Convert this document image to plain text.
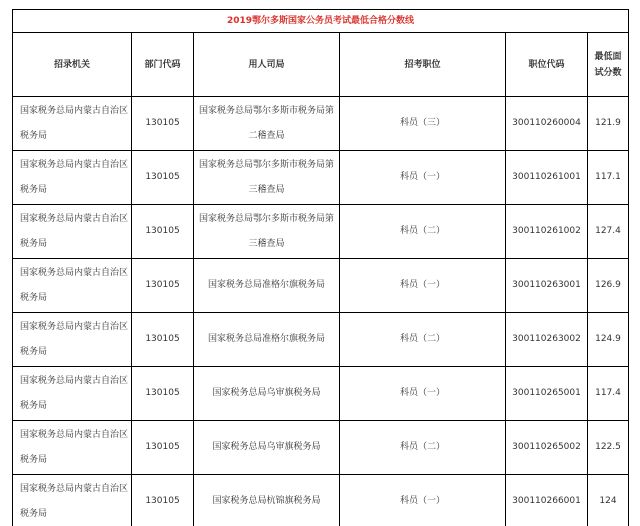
2019鄂尔多斯国家公务员考试最低合格分数线					
招录机关	部门代码	用人司局	招考职位	职位代码	最低面试分数

国家税务总局内蒙古自治区税务局	130105	国家税务总局鄂尔多斯市税务局第二稽查局	科员（三）	300110260004	121.9

国家税务总局内蒙古自治区税务局	130105	国家税务总局鄂尔多斯市税务局第三稽查局	科员（一）	300110261001	117.1

国家税务总局内蒙古自治区税务局	130105	国家税务总局鄂尔多斯市税务局第三稽查局	科员（二）	300110261002	127.4

国家税务总局内蒙古自治区税务局	130105	国家税务总局准格尔旗税务局	科员（一）	300110263001	126.9

国家税务总局内蒙古自治区税务局	130105	国家税务总局准格尔旗税务局	科员（二）	300110263002	124.9

国家税务总局内蒙古自治区税务局	130105	国家税务总局乌审旗税务局	科员（一）	300110265001	117.4

国家税务总局内蒙古自治区税务局	130105	国家税务总局乌审旗税务局	科员（二）	300110265002	122.5

国家税务总局内蒙古自治区税务局	130105	国家税务总局杭锦旗税务局	科员（一）	300110266001	124
